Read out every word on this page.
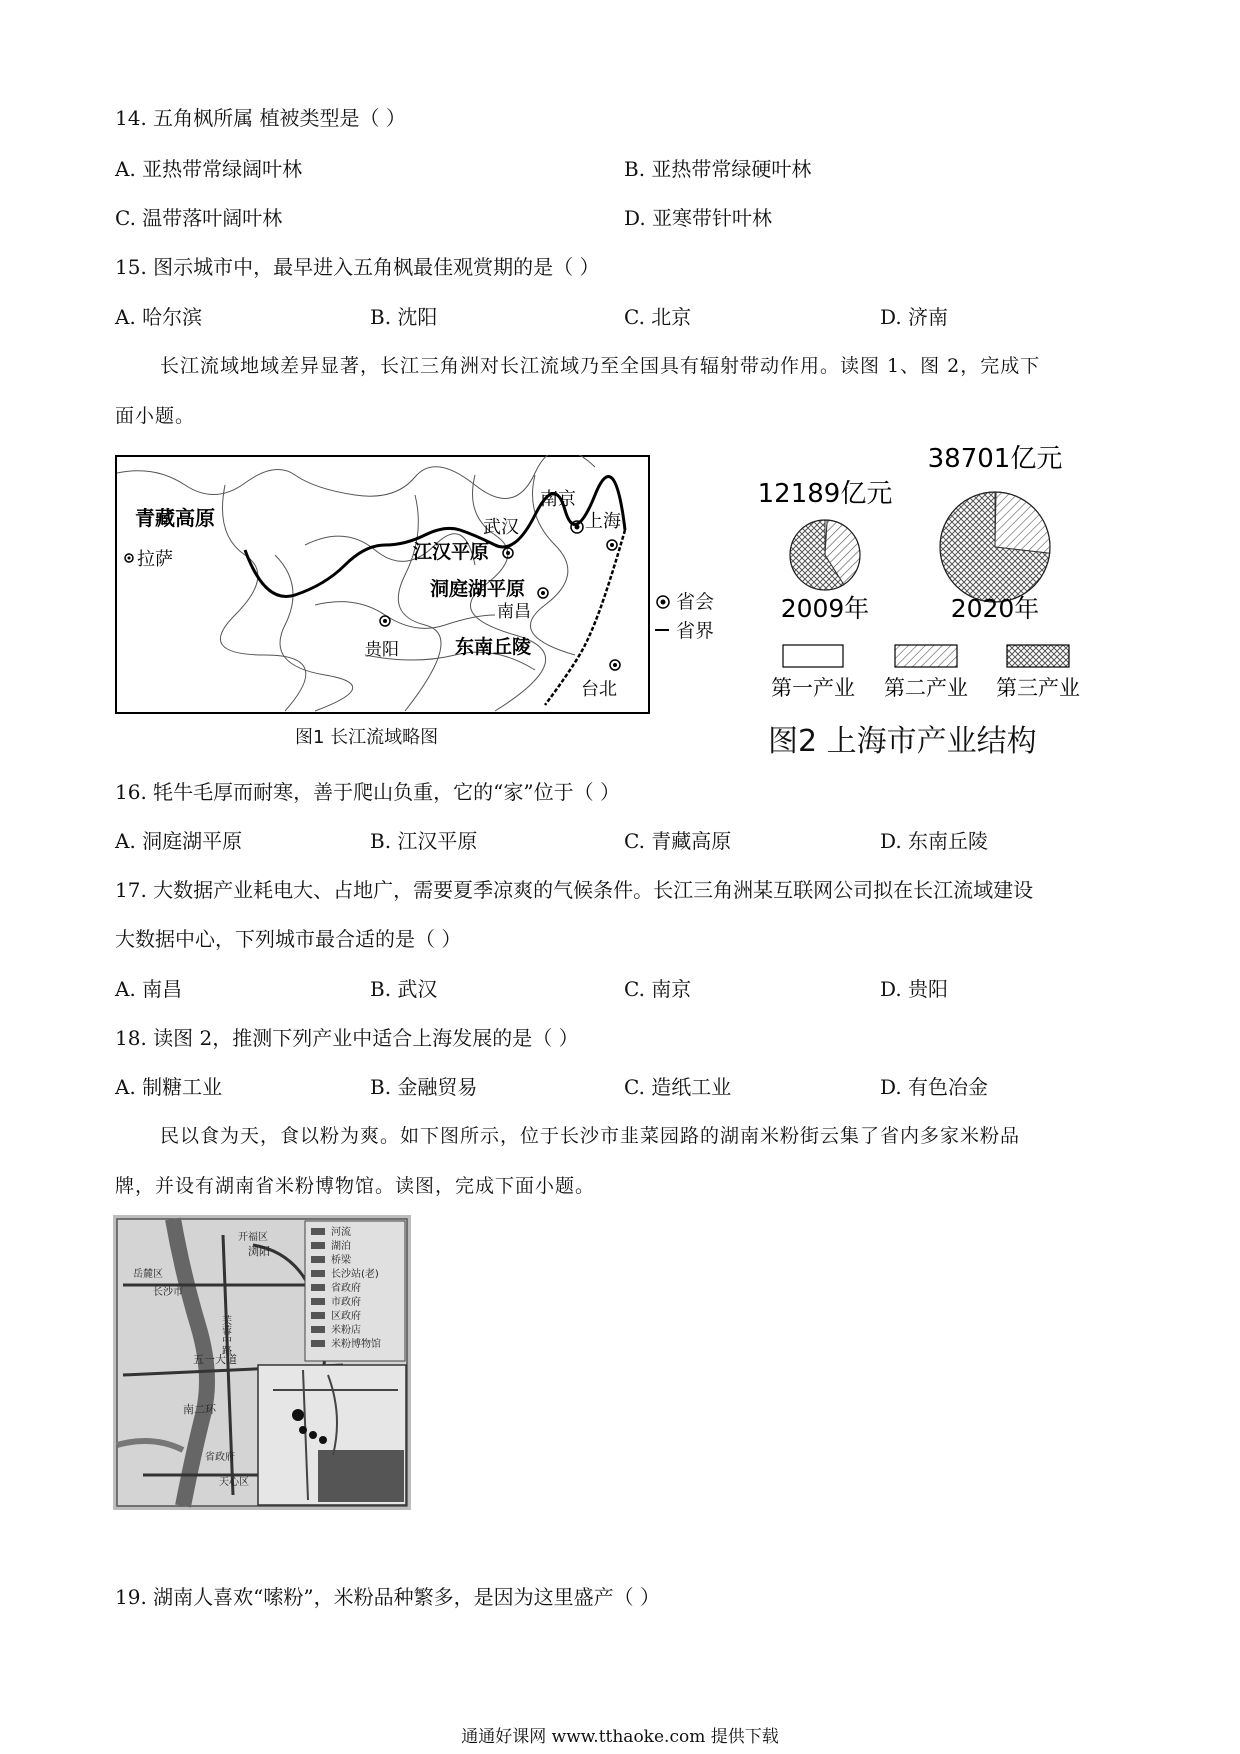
14. 五角枫所属 植被类型是（ ）
A. 亚热带常绿阔叶林	B. 亚热带常绿硬叶林
C. 温带落叶阔叶林	D. 亚寒带针叶林
15. 图示城市中，最早进入五角枫最佳观赏期的是（ ）
A. 哈尔滨	B. 沈阳	C. 北京	D. 济南
长江流域地域差异显著，长江三角洲对长江流域乃至全国具有辐射带动作用。读图 1、图 2，完成下
面小题。
青藏高原
拉萨
南京
上海
武汉
江汉平原
洞庭湖平原
南昌
贵阳	东南丘陵
台北
省会
省界
图1 长江流域略图
12189亿元
38701亿元
2009年	2020年
第一产业 第二产业 第三产业
图2 上海市产业结构
16. 牦牛毛厚而耐寒，善于爬山负重，它的“家”位于（ ）
A. 洞庭湖平原	B. 江汉平原	C. 青藏高原	D. 东南丘陵
17. 大数据产业耗电大、占地广，需要夏季凉爽的气候条件。长江三角洲某互联网公司拟在长江流域建设
大数据中心，下列城市最合适的是（ ）
A. 南昌	B. 武汉	C. 南京	D. 贵阳
18. 读图 2，推测下列产业中适合上海发展的是（ ）
A. 制糖工业	B. 金融贸易	C. 造纸工业	D. 有色冶金
民以食为天，食以粉为爽。如下图所示，位于长沙市韭菜园路的湖南米粉街云集了省内多家米粉品
牌，并设有湖南省米粉博物馆。读图，完成下面小题。
河流
湖泊
桥梁
长沙站(老)
省政府
市政府
区政府
米粉店
米粉博物馆
浏阳
开福区
岳麓区
长沙市
芙蓉中路
五一大道
南二环
省政府
天心区
19. 湖南人喜欢“嗦粉”，米粉品种繁多，是因为这里盛产（ ）
通通好课网 www.tthaoke.com 提供下载
